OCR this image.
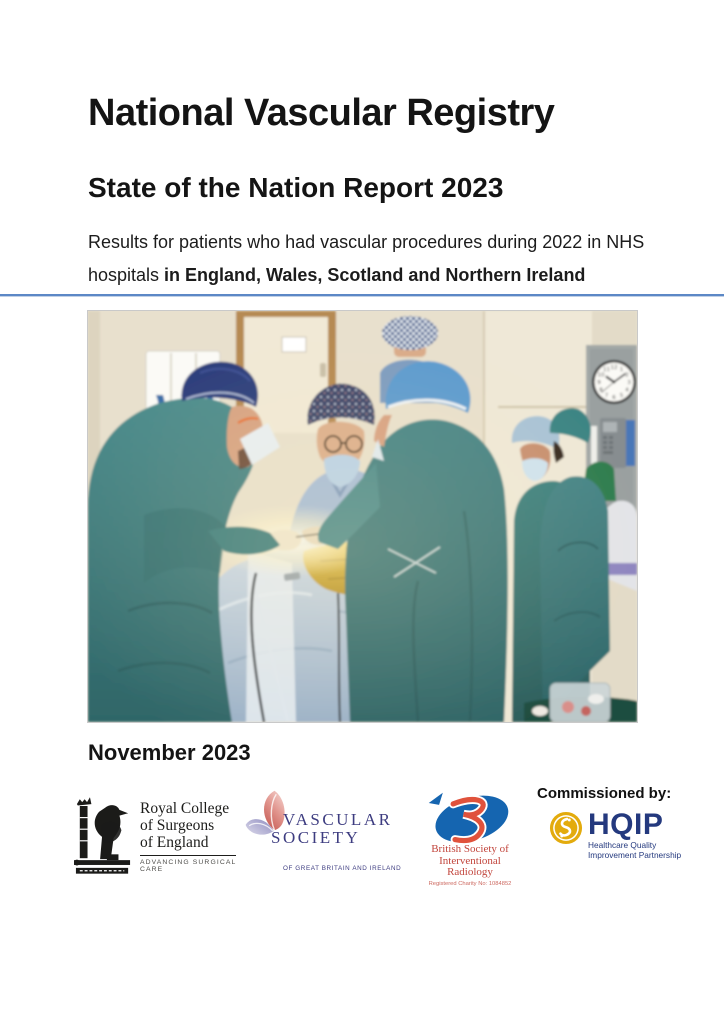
National Vascular Registry
State of the Nation Report 2023

Results for patients who had vascular procedures during 2022 in NHS hospitals in England, Wales, Scotland and Northern Ireland

12 1
2
3
4
5
6
7
8
9
10
11
November 2023
Royal College
of Surgeons
of England
ADVANCING SURGICAL CARE
VASCULAR
SOCIETY
OF GREAT BRITAIN AND IRELAND
British Society of
Interventional
Radiology
Registered Charity No: 1084852
Commissioned by:
HQIP
Healthcare Quality
Improvement Partnership
